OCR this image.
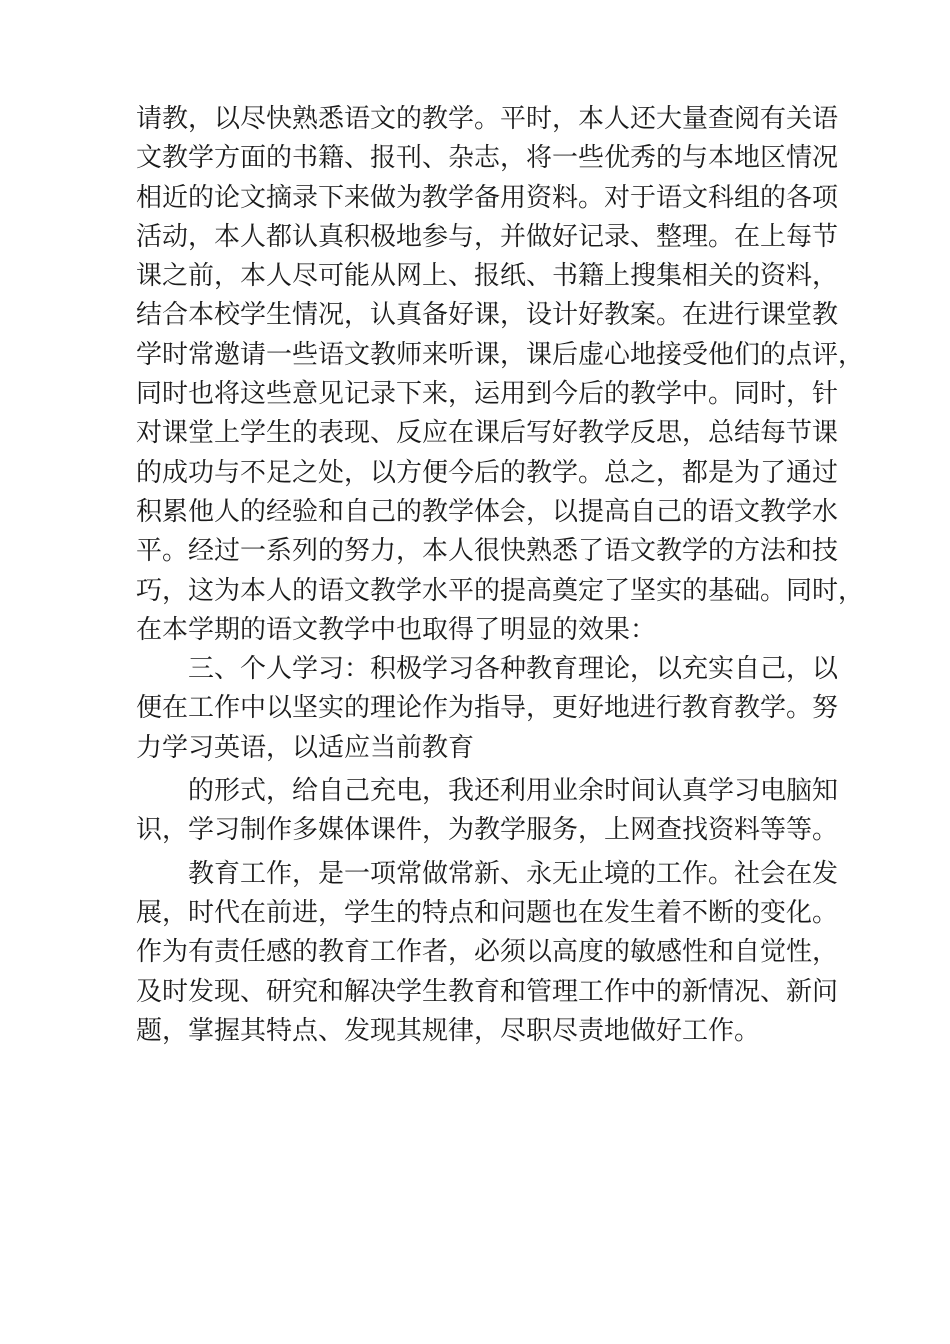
请教，以尽快熟悉语文的教学。平时，本人还大量查阅有关语
文教学方面的书籍、报刊、杂志，将一些优秀的与本地区情况
相近的论文摘录下来做为教学备用资料。对于语文科组的各项
活动，本人都认真积极地参与，并做好记录、整理。在上每节
课之前，本人尽可能从网上、报纸、书籍上搜集相关的资料，
结合本校学生情况，认真备好课，设计好教案。在进行课堂教
学时常邀请一些语文教师来听课，课后虚心地接受他们的点评，
同时也将这些意见记录下来，运用到今后的教学中。同时，针
对课堂上学生的表现、反应在课后写好教学反思，总结每节课
的成功与不足之处，以方便今后的教学。总之，都是为了通过
积累他人的经验和自己的教学体会，以提高自己的语文教学水
平。经过一系列的努力，本人很快熟悉了语文教学的方法和技
巧，这为本人的语文教学水平的提高奠定了坚实的基础。同时，
在本学期的语文教学中也取得了明显的效果：
三、个人学习：积极学习各种教育理论，以充实自己，以
便在工作中以坚实的理论作为指导，更好地进行教育教学。努
力学习英语，以适应当前教育
的形式，给自己充电，我还利用业余时间认真学习电脑知
识，学习制作多媒体课件，为教学服务，上网查找资料等等。
教育工作，是一项常做常新、永无止境的工作。社会在发
展，时代在前进，学生的特点和问题也在发生着不断的变化。
作为有责任感的教育工作者，必须以高度的敏感性和自觉性，
及时发现、研究和解决学生教育和管理工作中的新情况、新问
题，掌握其特点、发现其规律，尽职尽责地做好工作。
